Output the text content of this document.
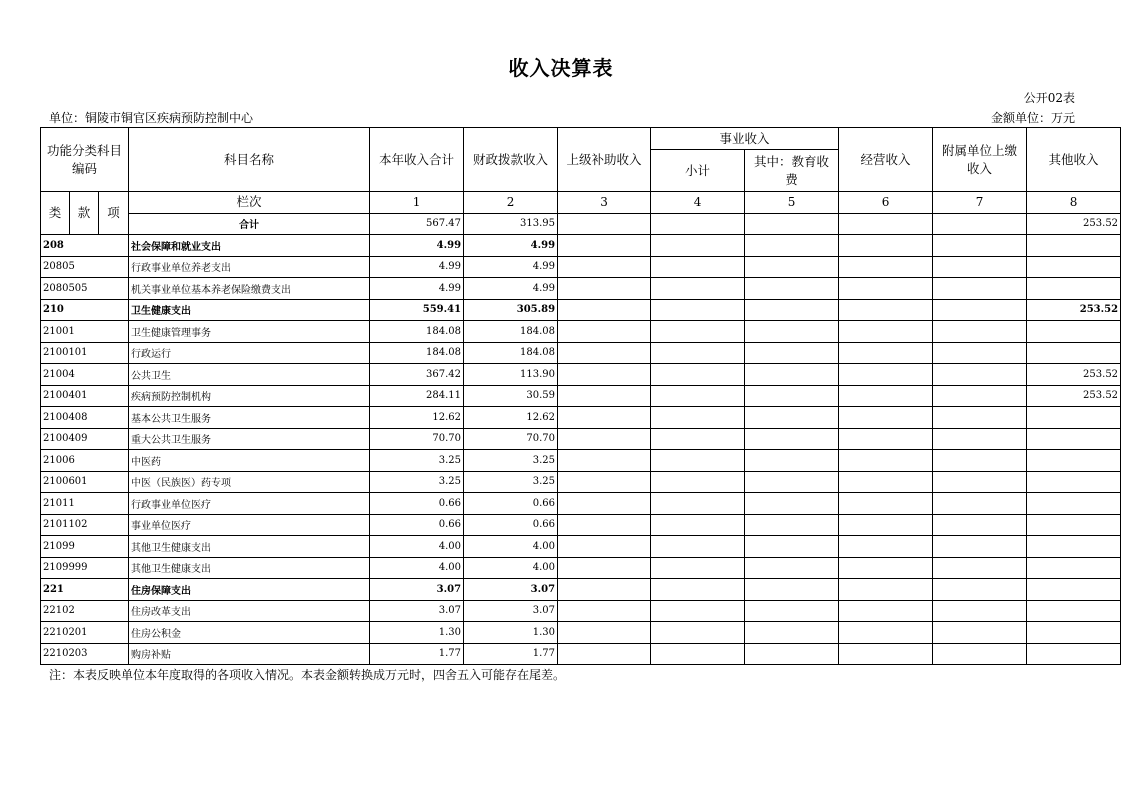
收入决算表
公开02表
单位：铜陵市铜官区疾病预防控制中心	金额单位：万元
功能分类科目编码			科目名称	本年收入合计	财政拨款收入	上级补助收入	事业收入		经营收入	附属单位上缴收入	其他收入
							小计	其中：教育收费			

类	款	项	栏次	1	2	3	4	5	6	7	8
			合计	567.47	313.95						253.52
208			社会保障和就业支出	4.99	4.99						
20805			行政事业单位养老支出	4.99	4.99						
2080505			机关事业单位基本养老保险缴费支出	4.99	4.99						
210			卫生健康支出	559.41	305.89						253.52
21001			卫生健康管理事务	184.08	184.08						
2100101			行政运行	184.08	184.08						
21004			公共卫生	367.42	113.90						253.52
2100401			疾病预防控制机构	284.11	30.59						253.52
2100408			基本公共卫生服务	12.62	12.62						
2100409			重大公共卫生服务	70.70	70.70						
21006			中医药	3.25	3.25						
2100601			中医（民族医）药专项	3.25	3.25						
21011			行政事业单位医疗	0.66	0.66						
2101102			事业单位医疗	0.66	0.66						
21099			其他卫生健康支出	4.00	4.00						
2109999			其他卫生健康支出	4.00	4.00						
221			住房保障支出	3.07	3.07						
22102			住房改革支出	3.07	3.07						
2210201			住房公积金	1.30	1.30						
2210203			购房补贴	1.77	1.77						
注：本表反映单位本年度取得的各项收入情况。本表金额转换成万元时，四舍五入可能存在尾差。
